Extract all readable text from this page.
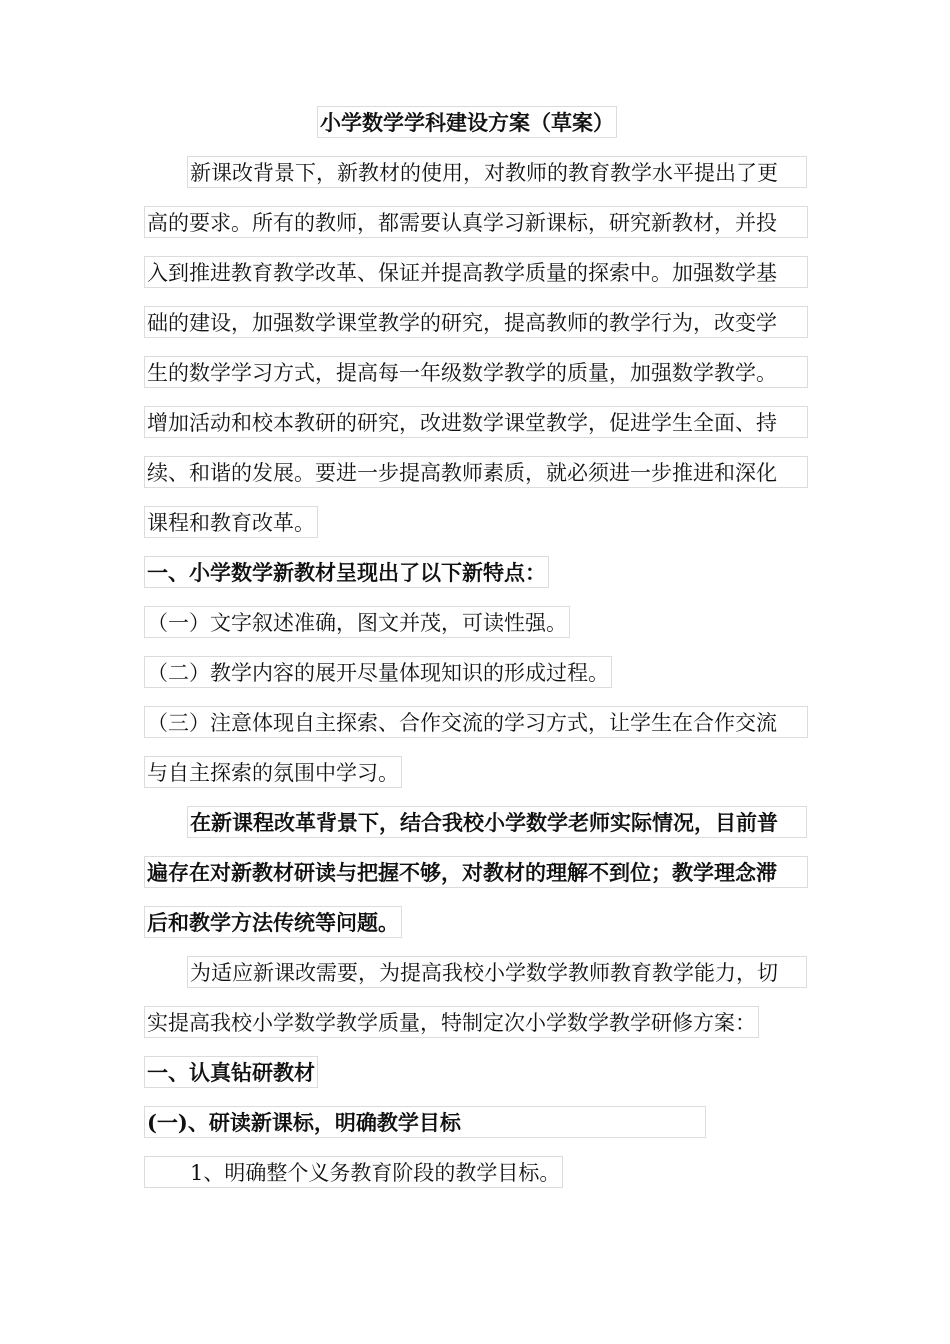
小学数学学科建设方案（草案）
新课改背景下，新教材的使用，对教师的教育教学水平提出了更
高的要求。所有的教师，都需要认真学习新课标，研究新教材，并投
入到推进教育教学改革、保证并提高教学质量的探索中。加强数学基
础的建设，加强数学课堂教学的研究，提高教师的教学行为，改变学
生的数学学习方式，提高每一年级数学教学的质量，加强数学教学。
增加活动和校本教研的研究，改进数学课堂教学，促进学生全面、持
续、和谐的发展。要进一步提高教师素质，就必须进一步推进和深化
课程和教育改革。
一、小学数学新教材呈现出了以下新特点：
（一）文字叙述准确，图文并茂，可读性强。
（二）教学内容的展开尽量体现知识的形成过程。
（三）注意体现自主探索、合作交流的学习方式，让学生在合作交流
与自主探索的氛围中学习。
在新课程改革背景下，结合我校小学数学老师实际情况，目前普
遍存在对新教材研读与把握不够，对教材的理解不到位；教学理念滞
后和教学方法传统等问题。
为适应新课改需要，为提高我校小学数学教师教育教学能力，切
实提高我校小学数学教学质量，特制定次小学数学教学研修方案：
一、认真钻研教材
(一)、研读新课标，明确教学目标
1、明确整个义务教育阶段的教学目标。
